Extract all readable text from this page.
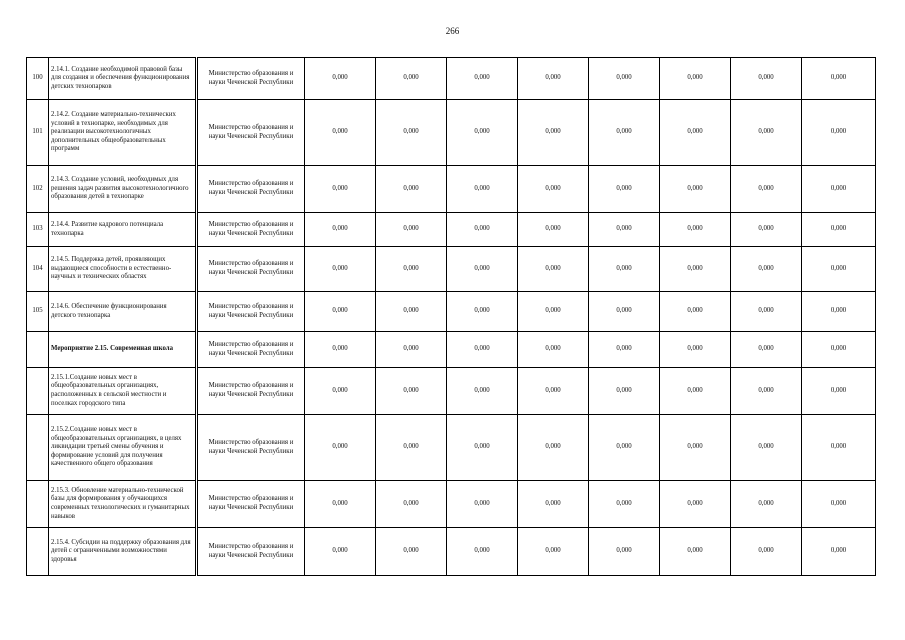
266
100	2.14.1. Создание необходимой правовой базы для создания и обеспечения функционирования детских технопарков	Министерство образования и науки Чеченской Республики	0,000	0,000	0,000	0,000	0,000	0,000	0,000	0,000
101	2.14.2. Создание материально-технических условий в технопарке, необходимых для реализации высокотехнологичных дополнительных общеобразовательных программ	Министерство образования и науки Чеченской Республики	0,000	0,000	0,000	0,000	0,000	0,000	0,000	0,000
102	2.14.3. Создание условий, необходимых для решения задач развития высокотехнологичного образования детей в технопарке	Министерство образования и науки Чеченской Республики	0,000	0,000	0,000	0,000	0,000	0,000	0,000	0,000
103	2.14.4. Развитие кадрового потенциала технопарка	Министерство образования и науки Чеченской Республики	0,000	0,000	0,000	0,000	0,000	0,000	0,000	0,000
104	2.14.5. Поддержка детей, проявляющих выдающиеся способности в естественно-научных и технических областях	Министерство образования и науки Чеченской Республики	0,000	0,000	0,000	0,000	0,000	0,000	0,000	0,000
105	2.14.6. Обеспечение функционирования детского технопарка	Министерство образования и науки Чеченской Республики	0,000	0,000	0,000	0,000	0,000	0,000	0,000	0,000
	Мероприятие 2.15. Современная школа	Министерство образования и науки Чеченской Республики	0,000	0,000	0,000	0,000	0,000	0,000	0,000	0,000
	2.15.1.Создание новых мест в общеобразовательных организациях, расположенных в сельской местности и поселках городского типа	Министерство образования и науки Чеченской Республики	0,000	0,000	0,000	0,000	0,000	0,000	0,000	0,000
	2.15.2.Создание новых мест в общеобразовательных организациях, в целях ликвидации третьей смены обучения и формирование условий для получения качественного общего образования	Министерство образования и науки Чеченской Республики	0,000	0,000	0,000	0,000	0,000	0,000	0,000	0,000
	2.15.3. Обновление материально-технической базы для формирования у обучающихся современных технологических и гуманитарных навыков	Министерство образования и науки Чеченской Республики	0,000	0,000	0,000	0,000	0,000	0,000	0,000	0,000
	2.15.4. Субсидии на поддержку образования для детей с ограниченными возможностями здоровья	Министерство образования и науки Чеченской Республики	0,000	0,000	0,000	0,000	0,000	0,000	0,000	0,000
